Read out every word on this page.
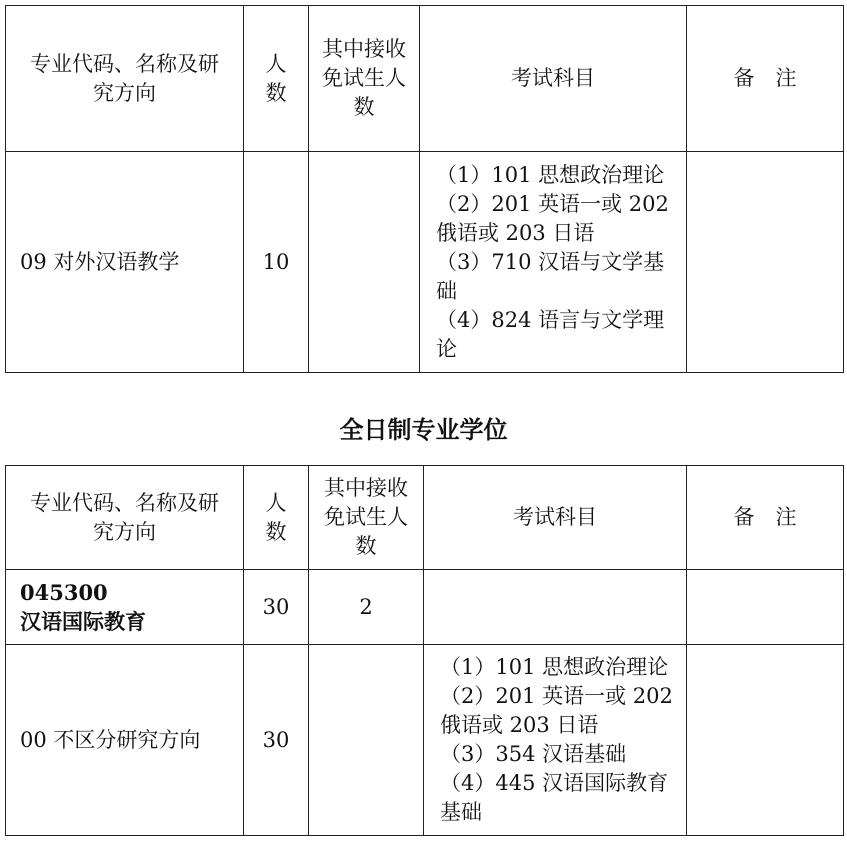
专业代码、名称及研究方向	人数	其中接收免试生人数	考试科目	备　注
09 对外汉语教学	10		（1）101 思想政治理论
（2）201 英语一或 202 俄语或 203 日语
（3）710 汉语与文学基础
（4）824 语言与文学理论	

全日制专业学位
专业代码、名称及研究方向	人数	其中接收免试生人数	考试科目	备　注

045300
汉语国际教育	30	2		
00 不区分研究方向	30		（1）101 思想政治理论
（2）201 英语一或 202 俄语或 203 日语
（3）354 汉语基础
（4）445 汉语国际教育基础	
